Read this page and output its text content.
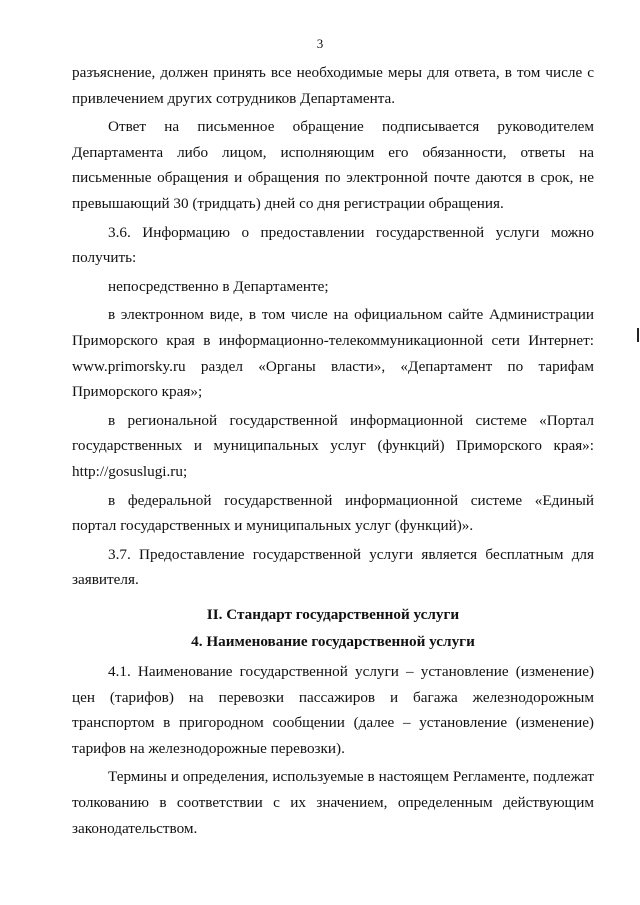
3

разъяснение, должен принять все необходимые меры для ответа, в том числе с привлечением других сотрудников Департамента.

Ответ на письменное обращение подписывается руководителем Департамента либо лицом, исполняющим его обязанности, ответы на письменные обращения и обращения по электронной почте даются в срок, не превышающий 30 (тридцать) дней со дня регистрации обращения.

3.6. Информацию о предоставлении государственной услуги можно получить:

непосредственно в Департаменте;

в электронном виде, в том числе на официальном сайте Администрации Приморского края в информационно-телекоммуникационной сети Интернет: www.primorsky.ru раздел «Органы власти», «Департамент по тарифам Приморского края»;

в региональной государственной информационной системе «Портал государственных и муниципальных услуг (функций) Приморского края»: http://gosuslugi.ru;

в федеральной государственной информационной системе «Единый портал государственных и муниципальных услуг (функций)».

3.7. Предоставление государственной услуги является бесплатным для заявителя.

II. Стандарт государственной услуги

4. Наименование государственной услуги

4.1. Наименование государственной услуги – установление (изменение) цен (тарифов) на перевозки пассажиров и багажа железнодорожным транспортом в пригородном сообщении (далее – установление (изменение) тарифов на железнодорожные перевозки).

Термины и определения, используемые в настоящем Регламенте, подлежат толкованию в соответствии с их значением, определенным действующим законодательством.
